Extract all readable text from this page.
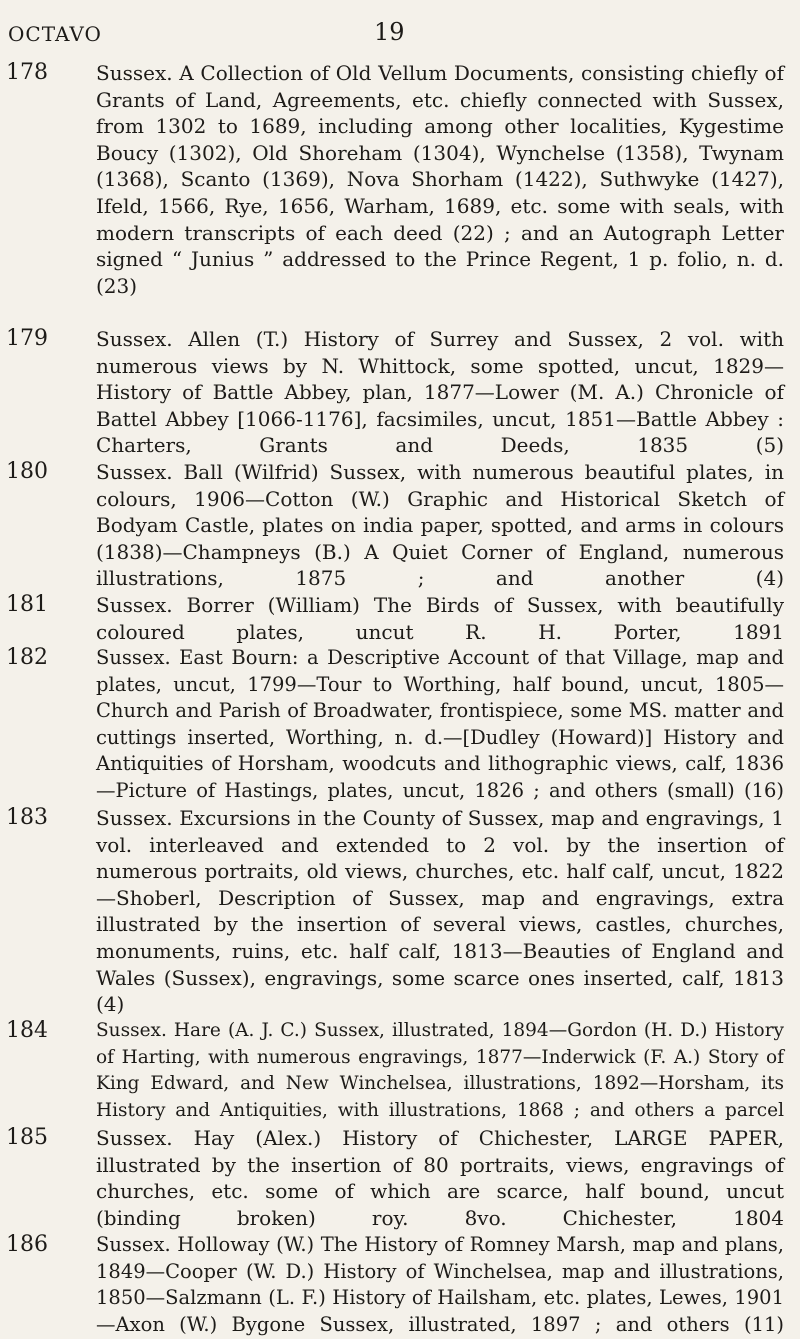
OCTAVO	19
178 Sussex. A Collection of Old Vellum Documents, consisting chiefly of Grants of Land, Agreements, etc. chiefly connected with Sussex, from 1302 to 1689, including among other localities, Kygestime Boucy (1302), Old Shoreham (1304), Wynchelse (1358), Twynam (1368), Scanto (1369), Nova Shorham (1422), Suthwyke (1427), Ifeld, 1566, Rye, 1656, Warham, 1689, etc. some with seals, with modern transcripts of each deed (22) ; and an Autograph Letter signed “ Junius ” addressed to the Prince Regent, 1 p. folio, n. d. (23)
179 Sussex. Allen (T.) History of Surrey and Sussex, 2 vol. with numerous views by N. Whittock, some spotted, uncut, 1829—History of Battle Abbey, plan, 1877—Lower (M. A.) Chronicle of Battel Abbey [1066-1176], facsimiles, uncut, 1851—Battle Abbey : Charters, Grants and Deeds, 1835 (5)
180 Sussex. Ball (Wilfrid) Sussex, with numerous beautiful plates, in colours, 1906—Cotton (W.) Graphic and Historical Sketch of Bodyam Castle, plates on india paper, spotted, and arms in colours (1838)—Champneys (B.) A Quiet Corner of England, numerous illustrations, 1875 ; and another (4)
181 Sussex. Borrer (William) The Birds of Sussex, with beautifully coloured plates, uncut R. H. Porter, 1891
182 Sussex. East Bourn: a Descriptive Account of that Village, map and plates, uncut, 1799—Tour to Worthing, half bound, uncut, 1805—Church and Parish of Broadwater, frontispiece, some MS. matter and cuttings inserted, Worthing, n. d.—[Dudley (Howard)] History and Antiquities of Horsham, woodcuts and lithographic views, calf, 1836—Picture of Hastings, plates, uncut, 1826 ; and others (small) (16)
183 Sussex. Excursions in the County of Sussex, map and engravings, 1 vol. interleaved and extended to 2 vol. by the insertion of numerous portraits, old views, churches, etc. half calf, uncut, 1822—Shoberl, Description of Sussex, map and engravings, extra illustrated by the insertion of several views, castles, churches, monuments, ruins, etc. half calf, 1813—Beauties of England and Wales (Sussex), engravings, some scarce ones inserted, calf, 1813 (4)
184	Sussex. Hare (A. J. C.) Sussex, illustrated, 1894—Gordon (H. D.) History of Harting, with numerous engravings, 1877—Inderwick (F. A.) Story of King Edward, and New Winchelsea, illustrations, 1892—Horsham, its History and Antiquities, with illustrations, 1868 ; and others a parcel
185 Sussex. Hay (Alex.) History of Chichester, LARGE PAPER, illustrated by the insertion of 80 portraits, views, engravings of churches, etc. some of which are scarce, half bound, uncut (binding broken) roy. 8vo. Chichester, 1804
186 Sussex. Holloway (W.) The History of Romney Marsh, map and plans, 1849—Cooper (W. D.) History of Winchelsea, map and illustrations, 1850—Salzmann (L. F.) History of Hailsham, etc. plates, Lewes, 1901—Axon (W.) Bygone Sussex, illustrated, 1897 ; and others (11)
